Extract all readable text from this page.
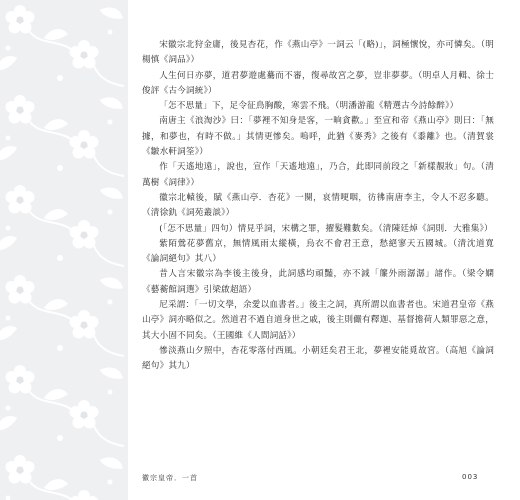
宋徽宗北狩金庸，後見杏花，作《燕山亭》一詞云「(略)」，詞極懷悅，亦可憐矣。（明楊慎《詞品》）

人生何日亦夢，道君夢遊處驀而不審，復尋故宮之夢，豈非夢夢。（明卓人月輯、徐士俊評《古今詞統》）

「怎不思量」下，足令征鳥胸酸，寒雲不飛。（明潘游龍《精選古今詩餘醉》）

南唐主《浪淘沙》曰：「夢裡不知身是客，一晌貪歡。」至宣和帝《燕山亭》則曰：「無據，和夢也，有時不做。」其情更慘矣。嗚呼，此猶《麥秀》之後有《黍離》也。（清賀裳《皺水軒詞筌》）

作「天遙地遠」，說也，宣作「天遙地遠」，乃合，此即同前段之「新樣靚妝」句。（清萬樹《詞律》）

徽宗北轅後，賦《燕山亭．杏花》一闋，哀情哽咽，彷彿南唐李主，令人不忍多聽。（清徐釚《詞苑叢談》）

(「怎不思量」四句）情見乎詞，宋構之罪，擢髮難數矣。（清陳廷焯《詞則．大雅集》）

紫陌鶯花夢舊京，無情風雨太縱橫，烏衣不會君王意，愁絕寥天五國城。（清沈道寬《論詞絕句》其八）

昔人言宋徽宗為李後主後身，此詞感均頑豔，亦不減「簾外雨潺潺」諸作。（梁令嫻《藝蘅館詞選》引梁啟超語）

尼采謂：「一切文學，余愛以血書者。」後主之詞，真所謂以血書者也。宋道君皇帝《燕山亭》詞亦略似之。然道君不過自道身世之戚，後主則儼有釋迦、基督擔荷人類罪惡之意，其大小固不同矣。（王國維《人間詞話》）

慘淡燕山夕照中，杏花零落付西風。小朝廷矣君王北，夢裡安能覓故宮。（高旭《論詞絕句》其九）

徽宗皇帝．一首	003
